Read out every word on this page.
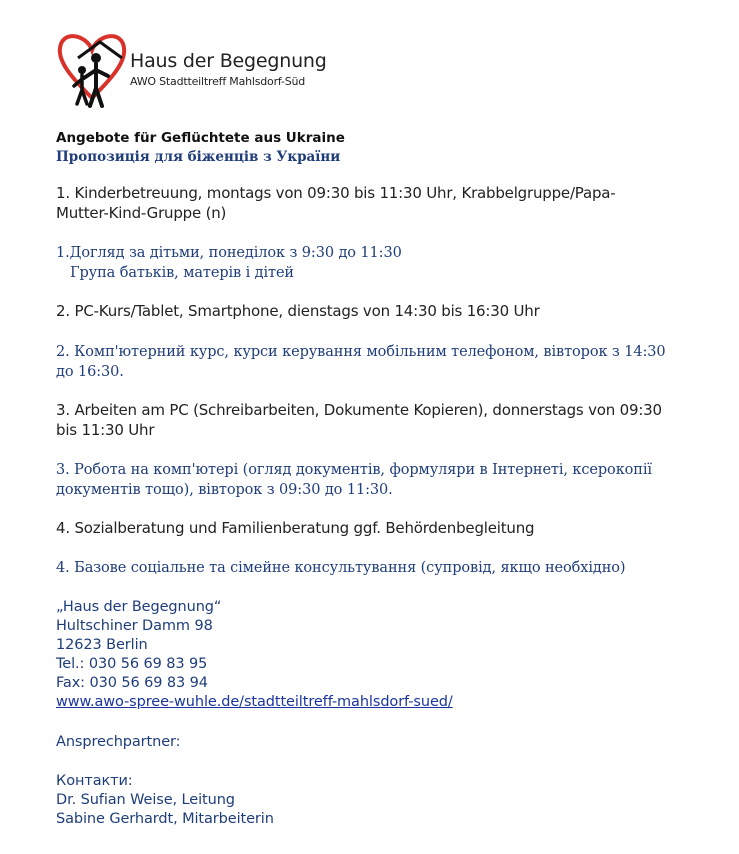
Haus der Begegnung
AWO Stadtteiltreff Mahlsdorf-Süd
Angebote für Geflüchtete aus Ukraine
Пропозиція для біженців з України
1. Kinderbetreuung, montags von 09:30 bis 11:30 Uhr, Krabbelgruppe/Papa-
Mutter-Kind-Gruppe (n)
1.Догляд за дітьми, понеділок з 9:30 до 11:30
Група батьків, матерів і дітей
2. PC-Kurs/Tablet, Smartphone, dienstags von 14:30 bis 16:30 Uhr
2. Комп'ютерний курс, курси керування мобільним телефоном, вівторок з 14:30
до 16:30.
3. Arbeiten am PC (Schreibarbeiten, Dokumente Kopieren), donnerstags von 09:30
bis 11:30 Uhr
3. Робота на комп'ютері (огляд документів, формуляри в Інтернеті, ксерокопії
документів тощо), вівторок з 09:30 до 11:30.
4. Sozialberatung und Familienberatung ggf. Behördenbegleitung
4. Базове соціальне та сімейне консультування (супровід, якщо необхідно)
„Haus der Begegnung“
Hultschiner Damm 98
12623 Berlin
Tel.: 030 56 69 83 95
Fax: 030 56 69 83 94
www.awo-spree-wuhle.de/stadtteiltreff-mahlsdorf-sued/
Ansprechpartner:
Контакти:
Dr. Sufian Weise, Leitung
Sabine Gerhardt, Mitarbeiterin
